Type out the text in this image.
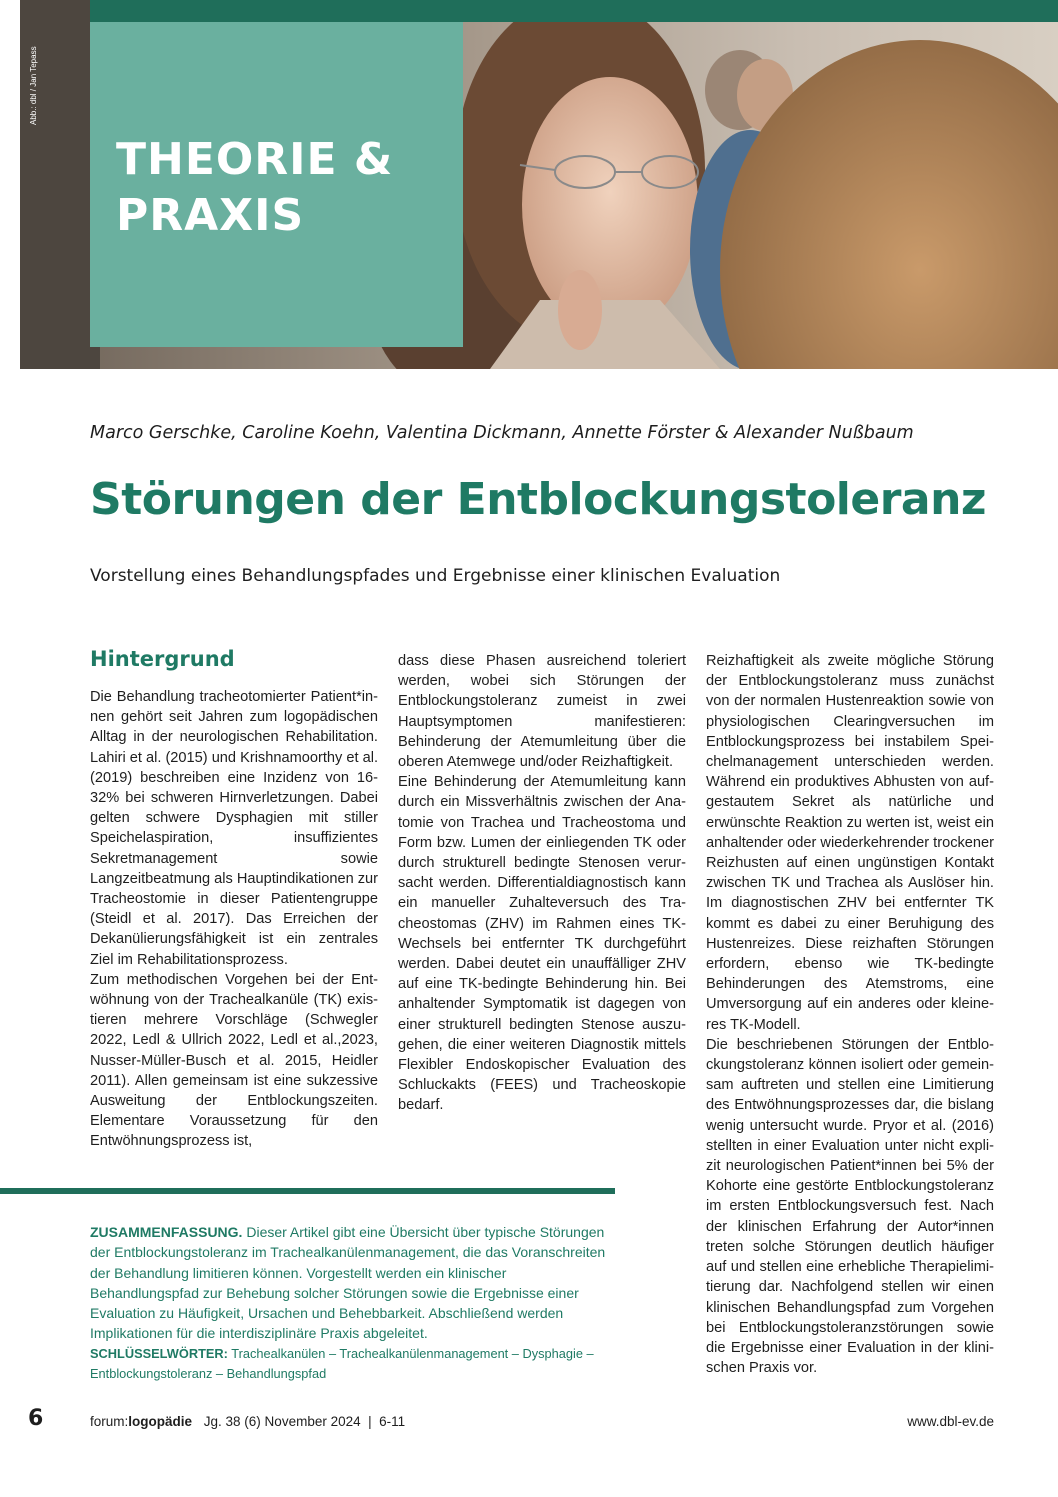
Abb.: dbl / Jan Tepass
THEORIE &
PRAXIS

Marco Gerschke, Caroline Koehn, Valentina Dickmann, Annette Förster & Alexander Nußbaum

Störungen der Entblockungstoleranz

Vorstellung eines Behandlungspfades und Ergebnisse einer klinischen Evaluation

Hintergrund

Die Behandlung tracheotomierter Patient*innen gehört seit Jahren zum logopädischen Alltag in der neurologischen Rehabilitation. Lahiri et al. (2015) und Krishnamoorthy et al. (2019) beschreiben eine Inzidenz von 16-32% bei schweren Hirnverletzungen. Dabei gelten schwere Dysphagien mit stiller Speichelaspiration, insuffizientes Sekretmanagement sowie Langzeitbeatmung als Hauptindikationen zur Tracheostomie in dieser Patientengruppe (Steidl et al. 2017). Das Erreichen der Dekanülierungsfähigkeit ist ein zentrales Ziel im Rehabilitationsprozess.

Zum methodischen Vorgehen bei der Entwöhnung von der Trachealkanüle (TK) existieren mehrere Vorschläge (Schwegler 2022, Ledl & Ullrich 2022, Ledl et al.,2023, Nusser-Müller-Busch et al. 2015, Heidler 2011). Allen gemeinsam ist eine sukzessive Ausweitung der Entblockungszeiten. Elementare Voraussetzung für den Entwöhnungsprozess ist,

dass diese Phasen ausreichend toleriert werden, wobei sich Störungen der Entblockungstoleranz zumeist in zwei Hauptsymptomen manifestieren: Behinderung der Atemumleitung über die oberen Atemwege und/oder Reizhaftigkeit.

Eine Behinderung der Atemumleitung kann durch ein Missverhältnis zwischen der Anatomie von Trachea und Tracheostoma und Form bzw. Lumen der einliegenden TK oder durch strukturell bedingte Stenosen verursacht werden. Differentialdiagnostisch kann ein manueller Zuhalteversuch des Tracheostomas (ZHV) im Rahmen eines TK-Wechsels bei entfernter TK durchgeführt werden. Dabei deutet ein unauffälliger ZHV auf eine TK-bedingte Behinderung hin. Bei anhaltender Symptomatik ist dagegen von einer strukturell bedingten Stenose auszugehen, die einer weiteren Diagnostik mittels Flexibler Endoskopischer Evaluation des Schluckakts (FEES) und Tracheoskopie bedarf.

Reizhaftigkeit als zweite mögliche Störung der Entblockungstoleranz muss zunächst von der normalen Hustenreaktion sowie von physiologischen Clearingversuchen im Entblockungsprozess bei instabilem Speichelmanagement unterschieden werden. Während ein produktives Abhusten von aufgestautem Sekret als natürliche und erwünschte Reaktion zu werten ist, weist ein anhaltender oder wiederkehrender trockener Reizhusten auf einen ungünstigen Kontakt zwischen TK und Trachea als Auslöser hin. Im diagnostischen ZHV bei entfernter TK kommt es dabei zu einer Beruhigung des Hustenreizes. Diese reizhaften Störungen erfordern, ebenso wie TK-bedingte Behinderungen des Atemstroms, eine Umversorgung auf ein anderes oder kleineres TK-Modell.

Die beschriebenen Störungen der Entblockungstoleranz können isoliert oder gemeinsam auftreten und stellen eine Limitierung des Entwöhnungsprozesses dar, die bislang wenig untersucht wurde. Pryor et al. (2016) stellten in einer Evaluation unter nicht explizit neurologischen Patient*innen bei 5% der Kohorte eine gestörte Entblockungstoleranz im ersten Entblockungsversuch fest. Nach der klinischen Erfahrung der Autor*innen treten solche Störungen deutlich häufiger auf und stellen eine erhebliche Therapielimitierung dar. Nachfolgend stellen wir einen klinischen Behandlungspfad zum Vorgehen bei Entblockungstoleranzstörungen sowie die Ergebnisse einer Evaluation in der klinischen Praxis vor.

ZUSAMMENFASSUNG. Dieser Artikel gibt eine Übersicht über typische Störungen der Entblockungstoleranz im Trachealkanülenmanagement, die das Voranschreiten der Behandlung limitieren können. Vorgestellt werden ein klinischer Behandlungspfad zur Behebung solcher Störungen sowie die Ergebnisse einer Evaluation zu Häufigkeit, Ursachen und Behebbarkeit. Abschließend werden Implikationen für die interdisziplinäre Praxis abgeleitet.

SCHLÜSSELWÖRTER: Trachealkanülen – Trachealkanülenmanagement – Dysphagie – Entblockungstoleranz – Behandlungspfad

6	forum:logopädie Jg. 38 (6) November 2024  |  6-11	www.dbl-ev.de
